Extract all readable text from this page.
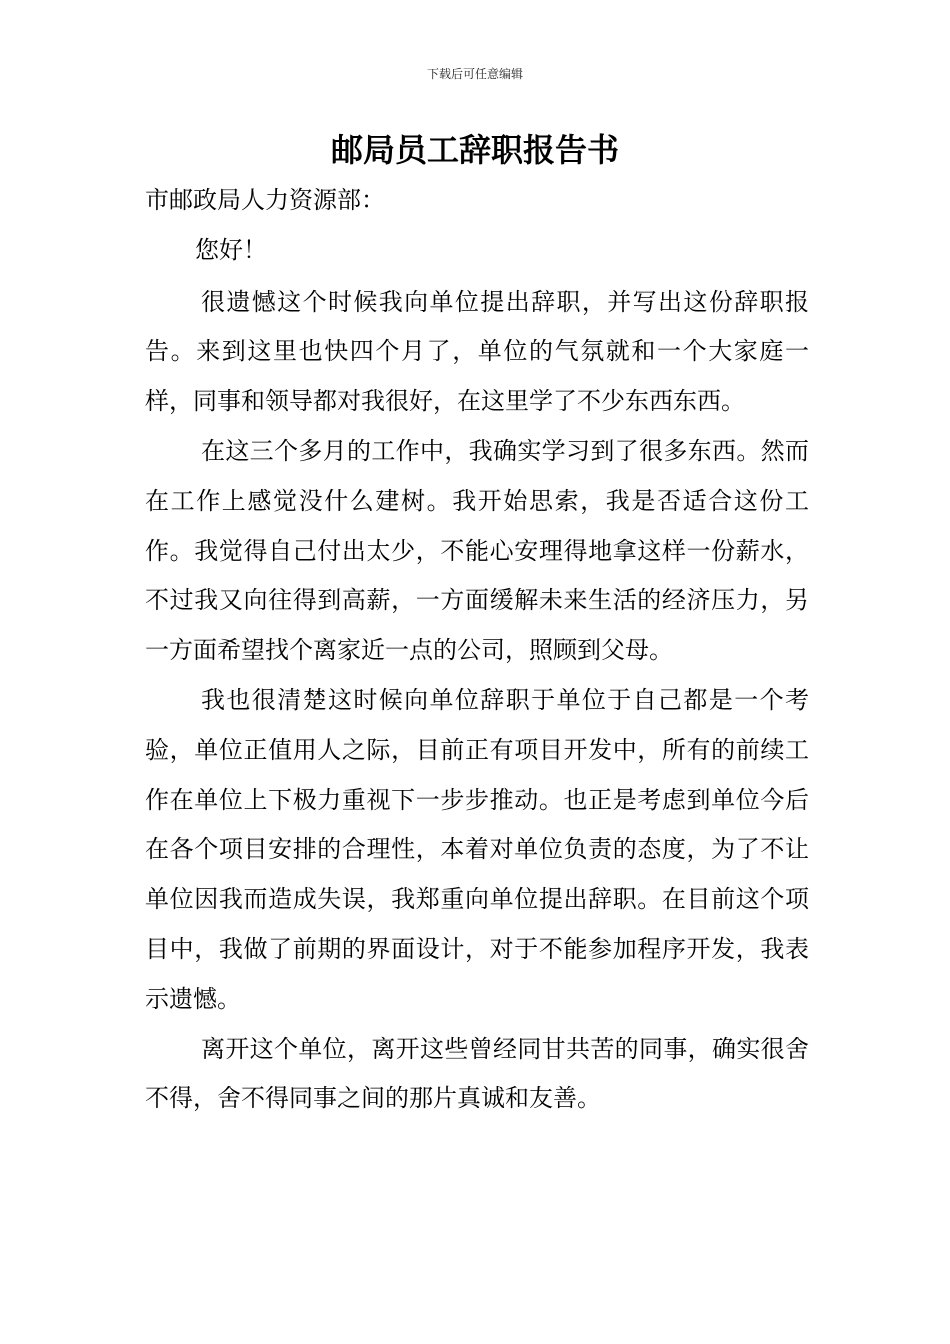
下载后可任意编辑
邮局员工辞职报告书

市邮政局人力资源部：

您好！

很遗憾这个时候我向单位提出辞职，并写出这份辞职报告。来到这里也快四个月了，单位的气氛就和一个大家庭一样，同事和领导都对我很好，在这里学了不少东西东西。

在这三个多月的工作中，我确实学习到了很多东西。然而在工作上感觉没什么建树。我开始思索，我是否适合这份工作。我觉得自己付出太少，不能心安理得地拿这样一份薪水，不过我又向往得到高薪，一方面缓解未来生活的经济压力，另一方面希望找个离家近一点的公司，照顾到父母。

我也很清楚这时候向单位辞职于单位于自己都是一个考验，单位正值用人之际，目前正有项目开发中，所有的前续工作在单位上下极力重视下一步步推动。也正是考虑到单位今后在各个项目安排的合理性，本着对单位负责的态度，为了不让单位因我而造成失误，我郑重向单位提出辞职。在目前这个项目中，我做了前期的界面设计，对于不能参加程序开发，我表示遗憾。

离开这个单位，离开这些曾经同甘共苦的同事，确实很舍不得，舍不得同事之间的那片真诚和友善。
